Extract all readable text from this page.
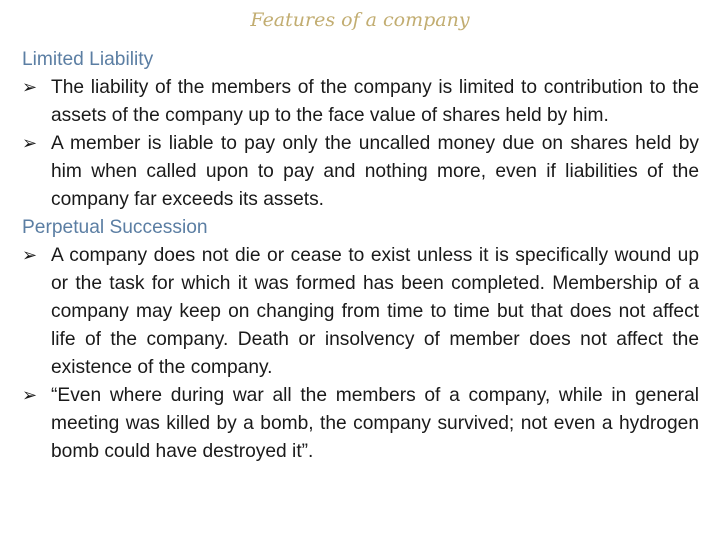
Features of a company

Limited Liability

➢ The liability of the members of the company is limited to contribution to the assets of the company up to the face value of shares held by him.
➢ A member is liable to pay only the uncalled money due on shares held by him when called upon to pay and nothing more, even if liabilities of the company far exceeds its assets.

Perpetual Succession

➢ A company does not die or cease to exist unless it is specifically wound up or the task for which it was formed has been completed. Membership of a company may keep on changing from time to time but that does not affect life of the company. Death or insolvency of member does not affect the existence of the company.
➢ “Even where during war all the members of a company, while in general meeting was killed by a bomb, the company survived; not even a hydrogen bomb could have destroyed it”.
